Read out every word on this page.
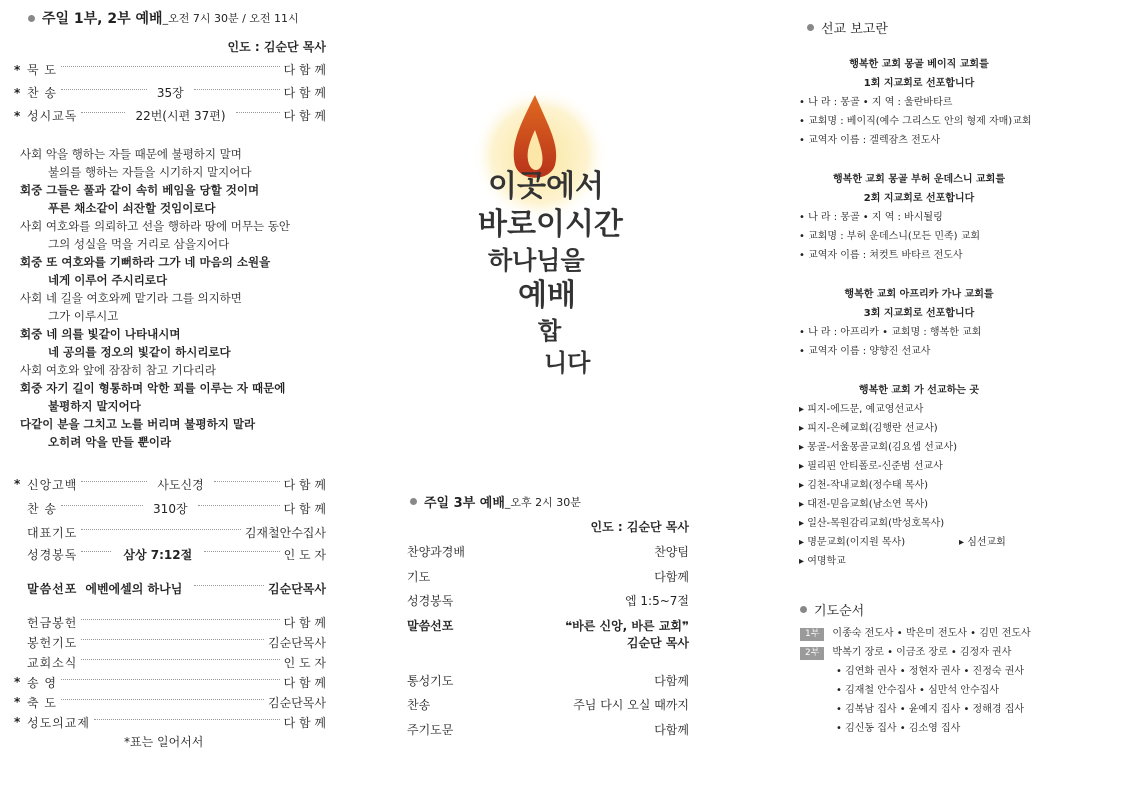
주일 1부, 2부 예배 _오전 7시 30분 / 오전 11시
인도 : 김순단 목사
* 묵 도	다 함 께
* 찬 송	35장	다 함 께
* 성시교독	22번(시편 37편)	다 함 께
사회 악을 행하는 자들 때문에 불평하지 말며
불의를 행하는 자들을 시기하지 말지어다
회중 그들은 풀과 같이 속히 베임을 당할 것이며
푸른 채소같이 쇠잔할 것임이로다
사회 여호와를 의뢰하고 선을 행하라 땅에 머무는 동안
그의 성실을 먹을 거리로 삼을지어다
회중 또 여호와를 기뻐하라 그가 네 마음의 소원을
네게 이루어 주시리로다
사회 네 길을 여호와께 맡기라 그를 의지하면
그가 이루시고
회중 네 의를 빛같이 나타내시며
네 공의를 정오의 빛같이 하시리로다
사회 여호와 앞에 잠잠히 참고 기다리라
회중 자기 길이 형통하며 악한 꾀를 이루는 자 때문에
불평하지 말지어다
다같이 분을 그치고 노를 버리며 불평하지 말라
오히려 악을 만들 뿐이라
* 신앙고백	사도신경	다 함 께
찬 송	310장	다 함 께
대표기도	김재철안수집사
성경봉독	삼상 7:12절	인 도 자
말씀선포 에벤에셀의 하나님	김순단목사
헌금봉헌	다 함 께
봉헌기도	김순단목사
교회소식	인 도 자
* 송 영	다 함 께
* 축 도	김순단목사
* 성도의교제	다 함 께
*표는 일어서서
이곳에서
바로이시간
하나님을
예배
합
니다
주일 3부 예배 _오후 2시 30분
인도 : 김순단 목사
찬양과경배	찬양팀
기도	다함께
성경봉독	엡 1:5~7절
말씀선포	❝바른 신앙, 바른 교회❞
김순단 목사
통성기도	다함께
찬송	주님 다시 오실 때까지
주기도문	다함께
선교 보고란
행복한 교회 몽골 베이직 교회를
1회 지교회로 선포합니다
• 나 라 : 몽골 • 지 역 : 울란바타르
• 교회명 : 베이직(예수 그리스도 안의 형제 자매)교회
• 교역자 이름 : 겔렉잠츠 전도사
행복한 교회 몽골 부허 운데스니 교회를
2회 지교회로 선포합니다
• 나 라 : 몽골 • 지 역 : 바시될링
• 교회명 : 부허 운데스니(모든 민족) 교회
• 교역자 이름 : 쳐컷트 바타르 전도사
행복한 교회 아프리카 가나 교회를
3회 지교회로 선포합니다
• 나 라 : 아프리카 • 교회명 : 행복한 교회
• 교역자 이름 : 양향진 선교사
행복한 교회 가 선교하는 곳
▸ 피지-에드문, 예교영선교사
▸ 피지-은혜교회(김행란 선교사)
▸ 몽골-서울몽골교회(김요셉 선교사)
▸ 필리핀 안티폴로-신준범 선교사
▸ 김천-작내교회(정수태 목사)
▸ 대전-믿음교회(남소연 목사)
▸ 일산-목원감리교회(박성호목사)
▸ 명문교회(이지원 목사)	▸ 심선교회
▸ 여명학교
기도순서
1부 이종숙 전도사 • 박은미 전도사 • 김민 전도사
2부 박복기 장로 • 이금조 장로 • 김정자 권사
• 김연화 권사 • 정현자 권사 • 진정숙 권사
• 김재철 안수집사 • 심만석 안수집사
• 김복남 집사 • 윤예지 집사 • 정해경 집사
• 김신동 집사 • 김소영 집사
